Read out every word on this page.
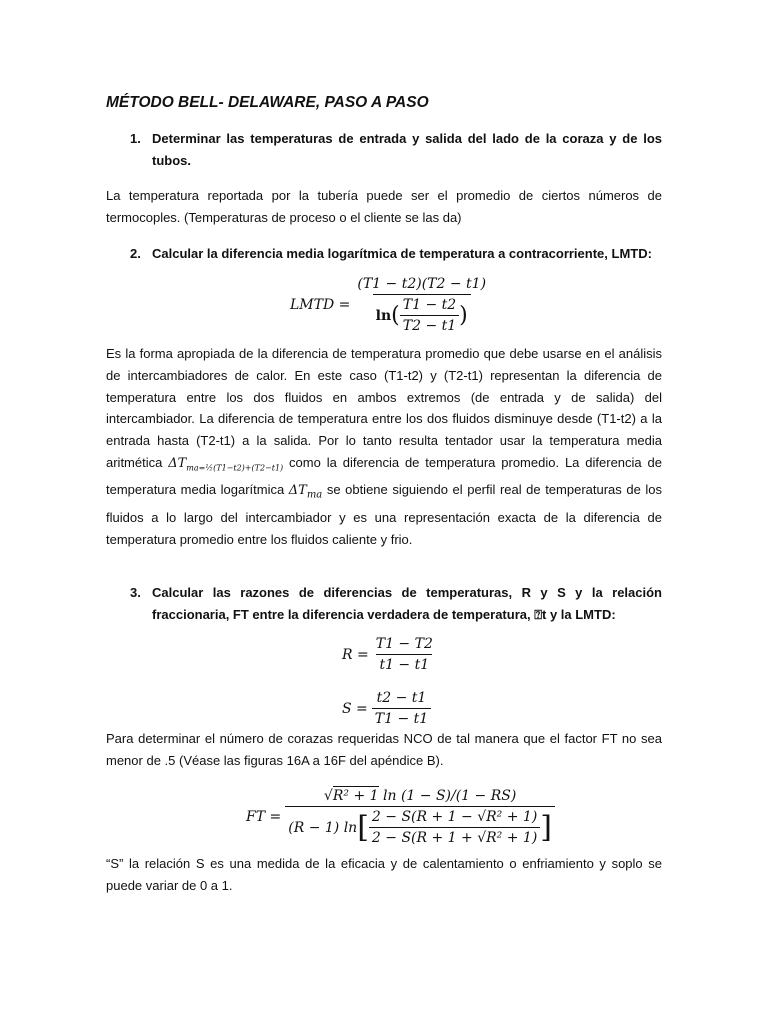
MÉTODO BELL- DELAWARE, PASO A PASO
1. Determinar las temperaturas de entrada y salida del lado de la coraza y de los tubos.

La temperatura reportada por la tubería puede ser el promedio de ciertos números de termocoples. (Temperaturas de proceso o el cliente se las da)

2. Calcular la diferencia media logarítmica de temperatura a contracorriente, LMTD:
LMTD =
(T1 − t2)(T2 − t1)
ln ( $\frac{T1 - t2}{T2 - t1}$ )

Es la forma apropiada de la diferencia de temperatura promedio que debe usarse en el análisis de intercambiadores de calor. En este caso (T1-t2) y (T2-t1) representan la diferencia de temperatura entre los dos fluidos en ambos extremos (de entrada y de salida) del intercambiador. La diferencia de temperatura entre los dos fluidos disminuye desde (T1-t2) a la entrada hasta (T2-t1) a la salida. Por lo tanto resulta tentador usar la temperatura media aritmética $\Delta T_{ma=\frac{1}{2}(T1-t2)+(T2-t1)}$ como la diferencia de temperatura promedio. La diferencia de temperatura media logarítmica $\Delta T_{ma}$ se obtiene siguiendo el perfil real de temperaturas de los fluidos a lo largo del intercambiador y es una representación exacta de la diferencia de temperatura promedio entre los fluidos caliente y frio.

3. Calcular las razones de diferencias de temperaturas, R y S y la relación fraccionaria, FT entre la diferencia verdadera de temperatura, ⍰t y la LMTD:
$R = \frac{T1 - T2}{t1 - t1}$
$S = \frac{t2 - t1}{T1 - t1}$

Para determinar el número de corazas requeridas NCO de tal manera que el factor FT no sea menor de .5 (Véase las figuras 16A a 16F del apéndice B).

FT =
√R² + 1 ln (1 − S)/(1 − RS)
(R − 1) ln [ $\frac{\text{2 − S(R + 1 − √R² + 1)}}{\text{2 − S(R + 1 + √R² + 1)}}$ ]

“S” la relación S es una medida de la eficacia y de calentamiento o enfriamiento y soplo se puede variar de 0 a 1.
